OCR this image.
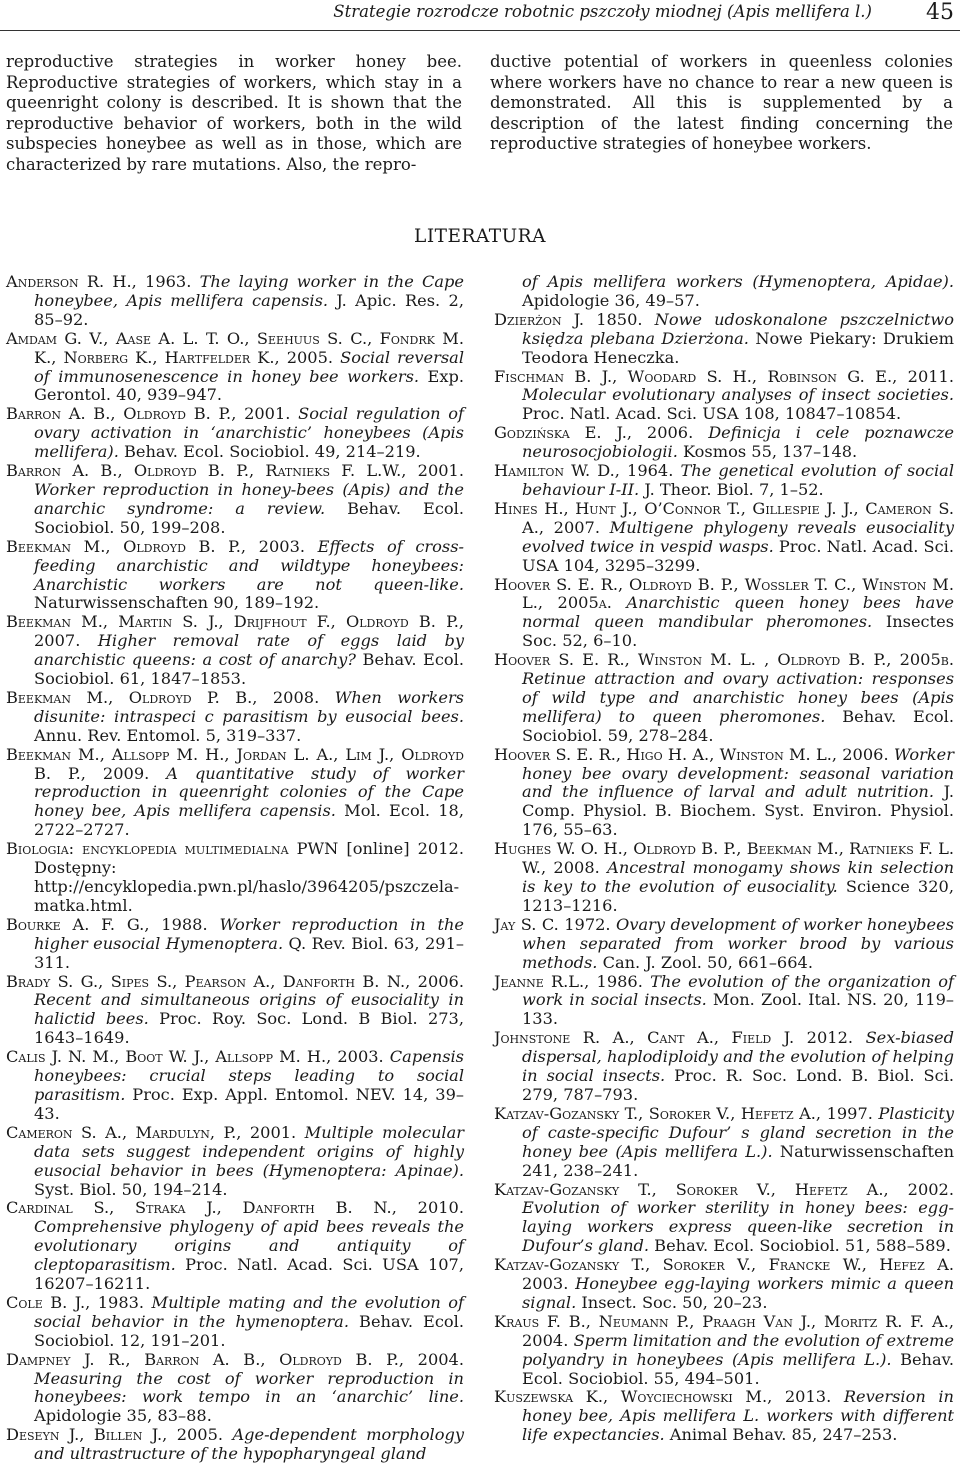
Strategie rozrodcze robotnic pszczoły miodnej (Apis mellifera l.) 45
reproductive strategies in worker honey bee. Reproductive strategies of workers, which stay in a queenright colony is described. It is shown that the reproductive behavior of workers, both in the wild subspecies honeybee as well as in those, which are characterized by rare mutations. Also, the repro-
ductive potential of workers in queenless colonies where workers have no chance to rear a new queen is demonstrated. All this is supplemented by a description of the latest finding concerning the reproductive strategies of honeybee workers.
LITERATURA
Anderson R. H., 1963. The laying worker in the Cape honeybee, Apis mellifera capensis. J. Apic. Res. 2, 85–92.
Amdam G. V., Aase A. L. T. O., Seehuus S. C., Fondrk M. K., Norberg K., Hartfelder K., 2005. Social reversal of immunosenescence in honey bee workers. Exp. Gerontol. 40, 939–947.
Barron A. B., Oldroyd B. P., 2001. Social regulation of ovary activation in ‘anarchistic’ honeybees (Apis mellifera). Behav. Ecol. Sociobiol. 49, 214–219.
Barron A. B., Oldroyd B. P., Ratnieks F. L.W., 2001. Worker reproduction in honey-bees (Apis) and the anarchic syndrome: a review. Behav. Ecol. Sociobiol. 50, 199–208.
Beekman M., Oldroyd B. P., 2003. Effects of cross-feeding anarchistic and wildtype honeybees: Anarchistic workers are not queen-like. Naturwissenschaften 90, 189–192.
Beekman M., Martin S. J., Drijfhout F., Oldroyd B. P., 2007. Higher removal rate of eggs laid by anarchistic queens: a cost of anarchy? Behav. Ecol. Sociobiol. 61, 1847–1853.
Beekman M., Oldroyd P. B., 2008. When workers disunite: intraspeci c parasitism by eusocial bees. Annu. Rev. Entomol. 5, 319–337.
Beekman M., Allsopp M. H., Jordan L. A., Lim J., Oldroyd B. P., 2009. A quantitative study of worker reproduction in queenright colonies of the Cape honey bee, Apis mellifera capensis. Mol. Ecol. 18, 2722–2727.
Biologia: encyklopedia multimedialna PWN [online] 2012. Dostępny: http://encyklopedia.pwn.pl/haslo/3964205/pszczela-matka.html.
Bourke A. F. G., 1988. Worker reproduction in the higher eusocial Hymenoptera. Q. Rev. Biol. 63, 291–311.
Brady S. G., Sipes S., Pearson A., Danforth B. N., 2006. Recent and simultaneous origins of eusociality in halictid bees. Proc. Roy. Soc. Lond. B Biol. 273, 1643–1649.
Calis J. N. M., Boot W. J., Allsopp M. H., 2003. Capensis honeybees: crucial steps leading to social parasitism. Proc. Exp. Appl. Entomol. NEV. 14, 39–43.
Cameron S. A., Mardulyn, P., 2001. Multiple molecular data sets suggest independent origins of highly eusocial behavior in bees (Hymenoptera: Apinae). Syst. Biol. 50, 194–214.
Cardinal S., Straka J., Danforth B. N., 2010. Comprehensive phylogeny of apid bees reveals the evolutionary origins and antiquity of cleptoparasitism. Proc. Natl. Acad. Sci. USA 107, 16207–16211.
Cole B. J., 1983. Multiple mating and the evolution of social behavior in the hymenoptera. Behav. Ecol. Sociobiol. 12, 191–201.
Dampney J. R., Barron A. B., Oldroyd B. P., 2004. Measuring the cost of worker reproduction in honeybees: work tempo in an ‘anarchic’ line. Apidologie 35, 83–88.
Deseyn J., Billen J., 2005. Age-dependent morphology and ultrastructure of the hypopharyngeal gland
of Apis mellifera workers (Hymenoptera, Apidae). Apidologie 36, 49–57.
Dzierżon J. 1850. Nowe udoskonalone pszczelnictwo księdza plebana Dzierżona. Nowe Piekary: Drukiem Teodora Heneczka.
Fischman B. J., Woodard S. H., Robinson G. E., 2011. Molecular evolutionary analyses of insect societies. Proc. Natl. Acad. Sci. USA 108, 10847–10854.
Godzińska E. J., 2006. Definicja i cele poznawcze neurosocjobiologii. Kosmos 55, 137–148.
Hamilton W. D., 1964. The genetical evolution of social behaviour I-II. J. Theor. Biol. 7, 1–52.
Hines H., Hunt J., O’Connor T., Gillespie J. J., Cameron S. A., 2007. Multigene phylogeny reveals eusociality evolved twice in vespid wasps. Proc. Natl. Acad. Sci. USA 104, 3295–3299.
Hoover S. E. R., Oldroyd B. P., Wossler T. C., Winston M. L., 2005a. Anarchistic queen honey bees have normal queen mandibular pheromones. Insectes Soc. 52, 6–10.
Hoover S. E. R., Winston M. L. , Oldroyd B. P., 2005b. Retinue attraction and ovary activation: responses of wild type and anarchistic honey bees (Apis mellifera) to queen pheromones. Behav. Ecol. Sociobiol. 59, 278–284.
Hoover S. E. R., Higo H. A., Winston M. L., 2006. Worker honey bee ovary development: seasonal variation and the influence of larval and adult nutrition. J. Comp. Physiol. B. Biochem. Syst. Environ. Physiol. 176, 55–63.
Hughes W. O. H., Oldroyd B. P., Beekman M., Ratnieks F. L. W., 2008. Ancestral monogamy shows kin selection is key to the evolution of eusociality. Science 320, 1213–1216.
Jay S. C. 1972. Ovary development of worker honeybees when separated from worker brood by various methods. Can. J. Zool. 50, 661–664.
Jeanne R.L., 1986. The evolution of the organization of work in social insects. Mon. Zool. Ital. NS. 20, 119–133.
Johnstone R. A., Cant A., Field J. 2012. Sex-biased dispersal, haplodiploidy and the evolution of helping in social insects. Proc. R. Soc. Lond. B. Biol. Sci. 279, 787–793.
Katzav-Gozansky T., Soroker V., Hefetz A., 1997. Plasticity of caste-specific Dufour’ s gland secretion in the honey bee (Apis mellifera L.). Naturwissenschaften 241, 238–241.
Katzav-Gozansky T., Soroker V., Hefetz A., 2002. Evolution of worker sterility in honey bees: egg-laying workers express queen-like secretion in Dufour’s gland. Behav. Ecol. Sociobiol. 51, 588–589.
Katzav-Gozansky T., Soroker V., Francke W., Hefez A. 2003. Honeybee egg-laying workers mimic a queen signal. Insect. Soc. 50, 20–23.
Kraus F. B., Neumann P., Praagh Van J., Moritz R. F. A., 2004. Sperm limitation and the evolution of extreme polyandry in honeybees (Apis mellifera L.). Behav. Ecol. Sociobiol. 55, 494–501.
Kuszewska K., Woyciechowski M., 2013. Reversion in honey bee, Apis mellifera L. workers with different life expectancies. Animal Behav. 85, 247–253.
